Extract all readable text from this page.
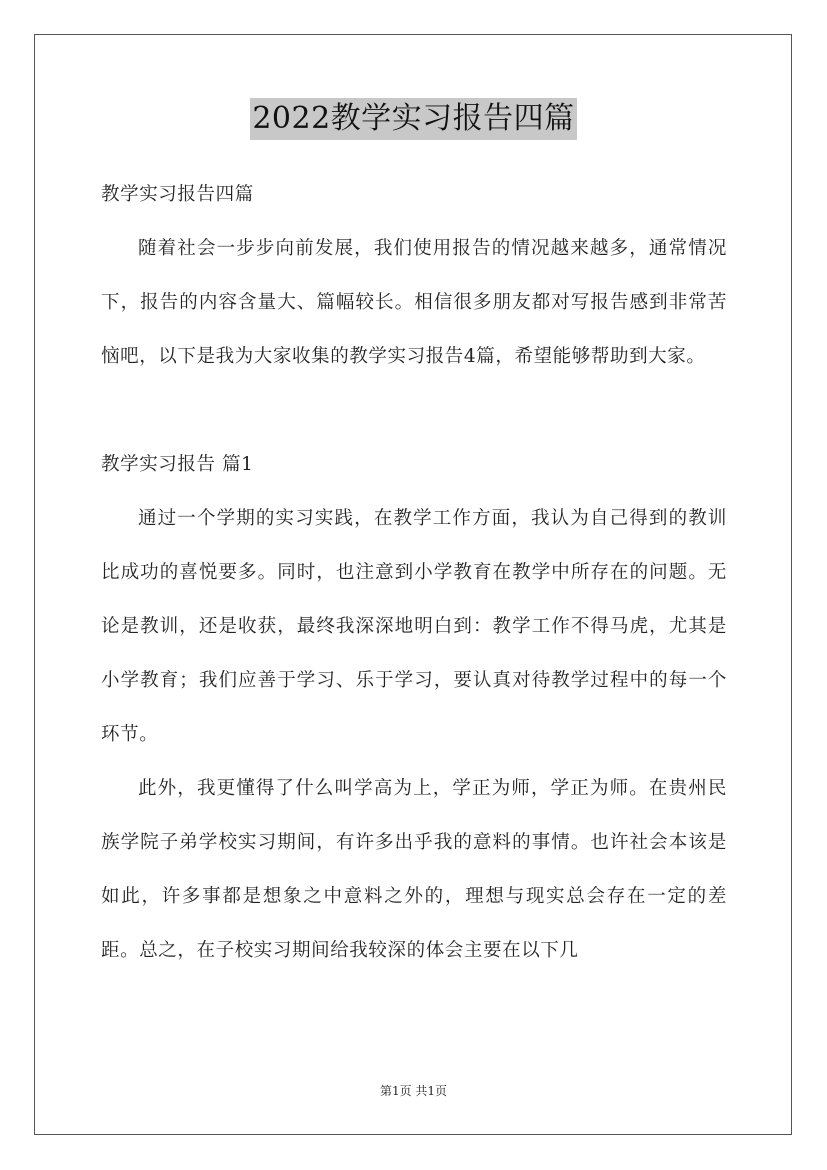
2022教学实习报告四篇

教学实习报告四篇

随着社会一步步向前发展，我们使用报告的情况越来越多，通常情况下，报告的内容含量大、篇幅较长。相信很多朋友都对写报告感到非常苦恼吧，以下是我为大家收集的教学实习报告4篇，希望能够帮助到大家。

教学实习报告 篇1

通过一个学期的实习实践，在教学工作方面，我认为自己得到的教训比成功的喜悦要多。同时，也注意到小学教育在教学中所存在的问题。无论是教训，还是收获，最终我深深地明白到：教学工作不得马虎，尤其是小学教育；我们应善于学习、乐于学习，要认真对待教学过程中的每一个环节。

此外，我更懂得了什么叫学高为上，学正为师，学正为师。在贵州民族学院子弟学校实习期间，有许多出乎我的意料的事情。也许社会本该是如此，许多事都是想象之中意料之外的，理想与现实总会存在一定的差距。总之，在子校实习期间给我较深的体会主要在以下几

第1页 共1页
